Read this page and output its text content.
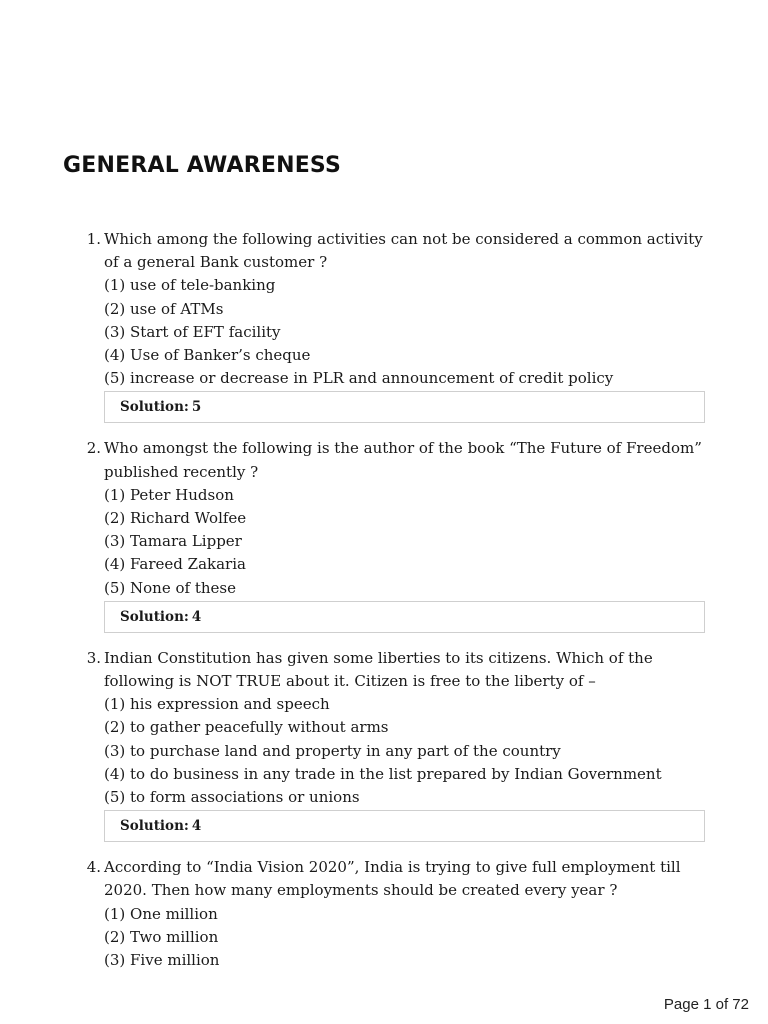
GENERAL AWARENESS
1. Which among the following activities can not be considered a common activity of a general Bank customer ?

(1) use of tele-banking
(2) use of ATMs
(3) Start of EFT facility
(4) Use of Banker’s cheque
(5) increase or decrease in PLR and announcement of credit policy
Solution: 5
2. Who amongst the following is the author of the book “The Future of Freedom” published recently ?

(1) Peter Hudson
(2) Richard Wolfee
(3) Tamara Lipper
(4) Fareed Zakaria
(5) None of these
Solution: 4
3. Indian Constitution has given some liberties to its citizens. Which of the following is NOT TRUE about it. Citizen is free to the liberty of –

(1) his expression and speech
(2) to gather peacefully without arms
(3) to purchase land and property in any part of the country
(4) to do business in any trade in the list prepared by Indian Government
(5) to form associations or unions
Solution: 4
4. According to “India Vision 2020”, India is trying to give full employment till 2020. Then how many employments should be created every year ?

(1) One million
(2) Two million
(3) Five million
Page 1 of 72
